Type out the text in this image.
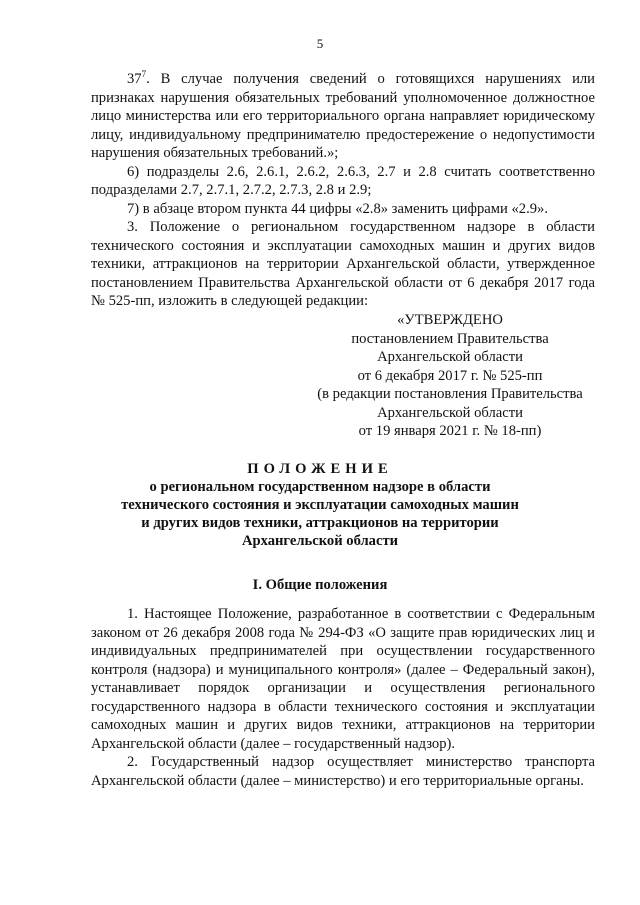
5

$37^7$. В случае получения сведений о готовящихся нарушениях или признаках нарушения обязательных требований уполномоченное должностное лицо министерства или его территориального органа направляет юридическому лицу, индивидуальному предпринимателю предостережение о недопустимости нарушения обязательных требований.»;

6) подразделы 2.6, 2.6.1, 2.6.2, 2.6.3, 2.7 и 2.8 считать соответственно подразделами 2.7, 2.7.1, 2.7.2, 2.7.3, 2.8 и 2.9;

7) в абзаце втором пункта 44 цифры «2.8» заменить цифрами «2.9».

3. Положение о региональном государственном надзоре в области технического состояния и эксплуатации самоходных машин и других видов техники, аттракционов на территории Архангельской области, утвержденное постановлением Правительства Архангельской области от 6 декабря 2017 года № 525-пп, изложить в следующей редакции:

«УТВЕРЖДЕНО
постановлением Правительства
Архангельской области
от 6 декабря 2017 г. № 525-пп
(в редакции постановления Правительства
Архангельской области
от 19 января 2021 г. № 18-пп)
ПОЛОЖЕНИЕ
о региональном государственном надзоре в области
технического состояния и эксплуатации самоходных машин
и других видов техники, аттракционов на территории
Архангельской области
I. Общие положения

1. Настоящее Положение, разработанное в соответствии с Федеральным законом от 26 декабря 2008 года № 294-ФЗ «О защите прав юридических лиц и индивидуальных предпринимателей при осуществлении государственного контроля (надзора) и муниципального контроля» (далее – Федеральный закон), устанавливает порядок организации и осуществления регионального государственного надзора в области технического состояния и эксплуатации самоходных машин и других видов техники, аттракционов на территории Архангельской области (далее – государственный надзор).

2. Государственный надзор осуществляет министерство транспорта Архангельской области (далее – министерство) и его территориальные органы.
